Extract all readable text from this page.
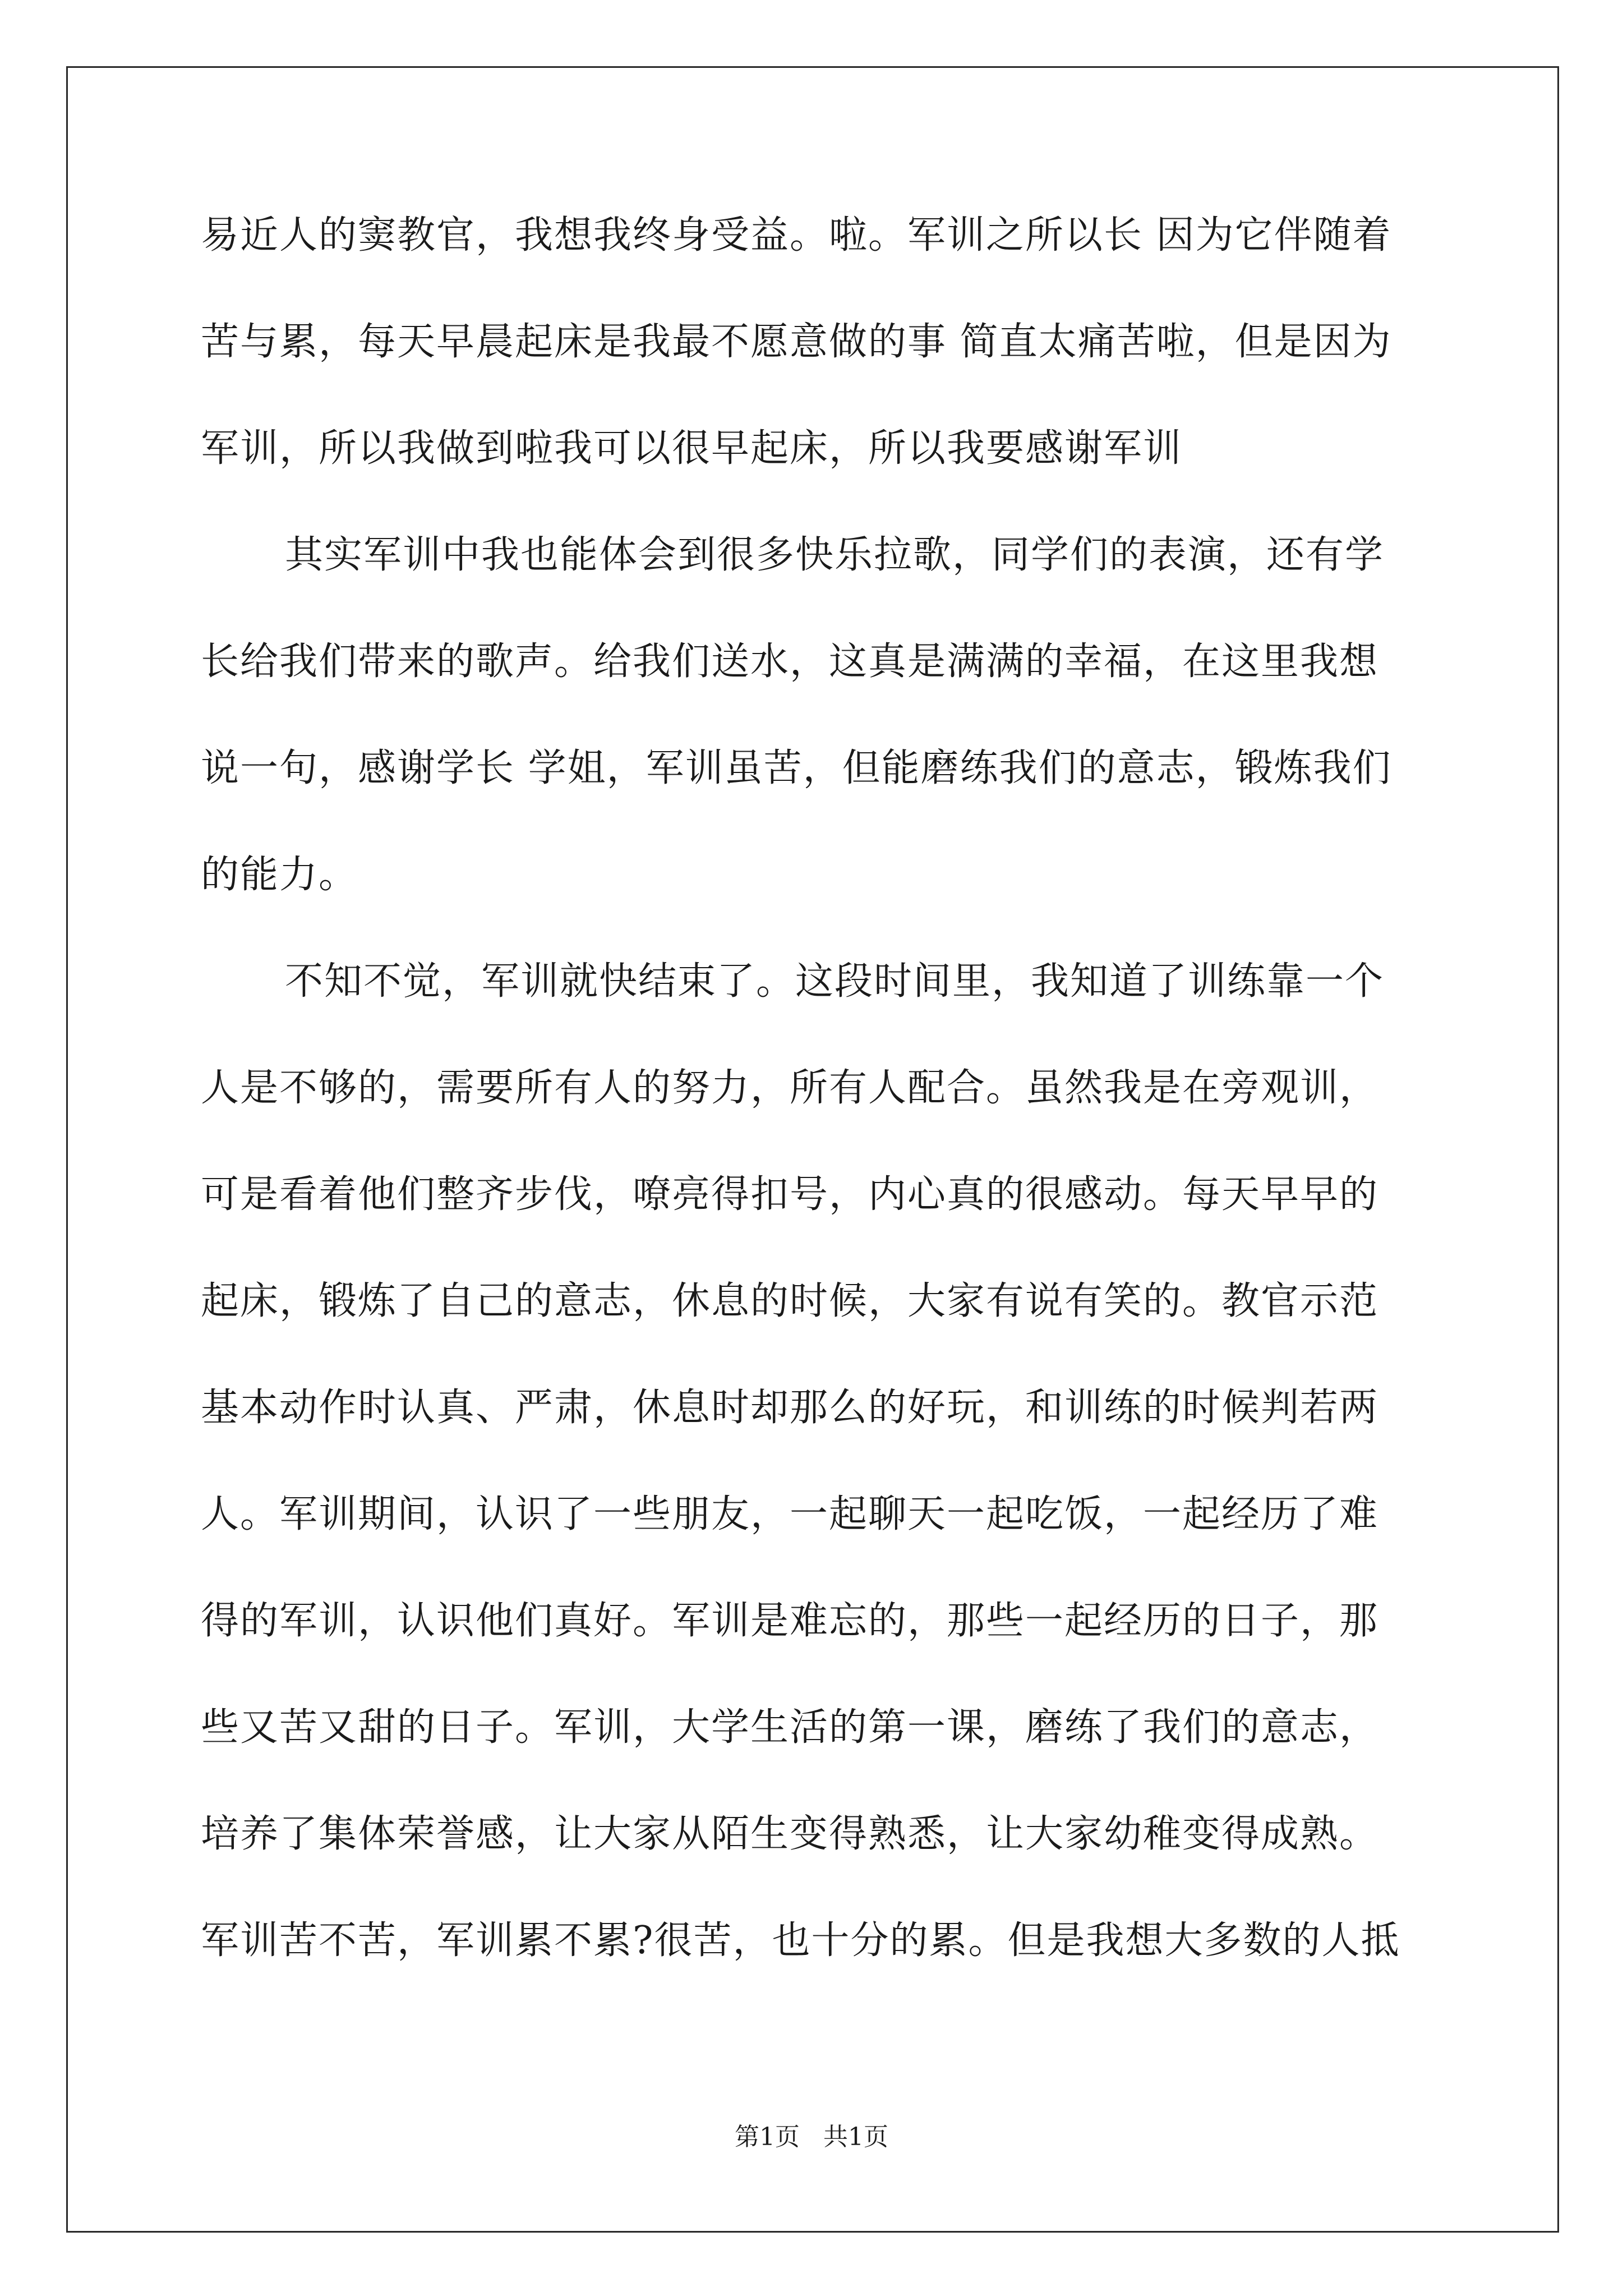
易近人的窦教官，我想我终身受益。啦。军训之所以长 因为它伴随着
苦与累，每天早晨起床是我最不愿意做的事 简直太痛苦啦，但是因为
军训，所以我做到啦我可以很早起床，所以我要感谢军训
其实军训中我也能体会到很多快乐拉歌，同学们的表演，还有学
长给我们带来的歌声。给我们送水，这真是满满的幸福，在这里我想
说一句，感谢学长 学姐，军训虽苦，但能磨练我们的意志，锻炼我们
的能力。
不知不觉，军训就快结束了。这段时间里，我知道了训练靠一个
人是不够的，需要所有人的努力，所有人配合。虽然我是在旁观训，
可是看着他们整齐步伐，嘹亮得扣号，内心真的很感动。每天早早的
起床，锻炼了自己的意志，休息的时候，大家有说有笑的。教官示范
基本动作时认真、严肃，休息时却那么的好玩，和训练的时候判若两
人。军训期间，认识了一些朋友，一起聊天一起吃饭，一起经历了难
得的军训，认识他们真好。军训是难忘的，那些一起经历的日子，那
些又苦又甜的日子。军训，大学生活的第一课，磨练了我们的意志，
培养了集体荣誉感，让大家从陌生变得熟悉，让大家幼稚变得成熟。
军训苦不苦，军训累不累?很苦，也十分的累。但是我想大多数的人抵
第1页 共1页
